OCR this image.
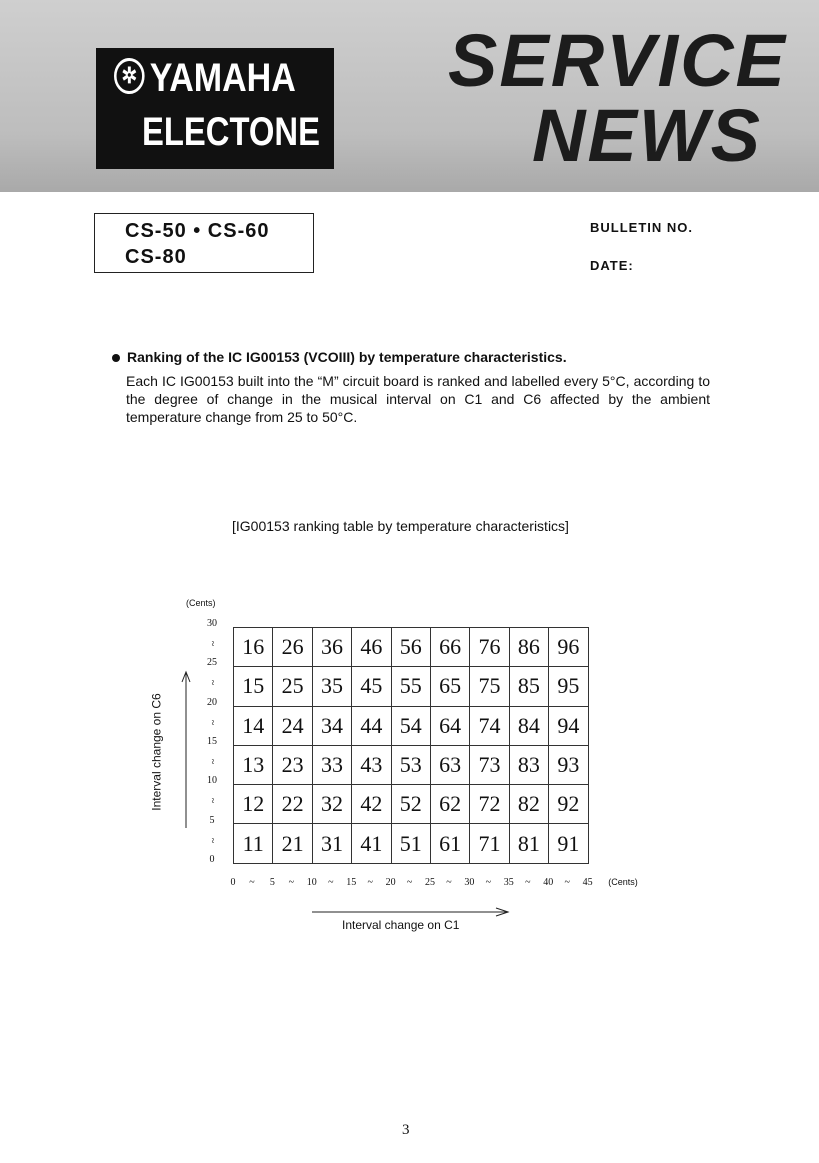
✲ YAMAHA
ELECTONE
SERVICE
NEWS
CS-50 • CS-60
CS-80
BULLETIN NO.
DATE:
Ranking of the IC IG00153 (VCOIII) by temperature characteristics.
Each IC IG00153 built into the “M” circuit board is ranked and labelled every 5°C, according to the degree of change in the musical interval on C1 and C6 affected by the ambient temperature change from 25 to 50°C.
[IG00153 ranking table by temperature characteristics]
(Cents)
30
~
25
~
20
~
15
~
10
~
5
~
0
0 ~ 5 ~ 10 ~ 15 ~ 20 ~ 25 ~ 30 ~ 35 ~ 40 ~ 45 (Cents)
16	26	36	46	56	66	76	86	96
15	25	35	45	55	65	75	85	95
14	24	34	44	54	64	74	84	94
13	23	33	43	53	63	73	83	93
12	22	32	42	52	62	72	82	92
11	21	31	41	51	61	71	81	91
Interval change on C6
Interval change on C1
3
